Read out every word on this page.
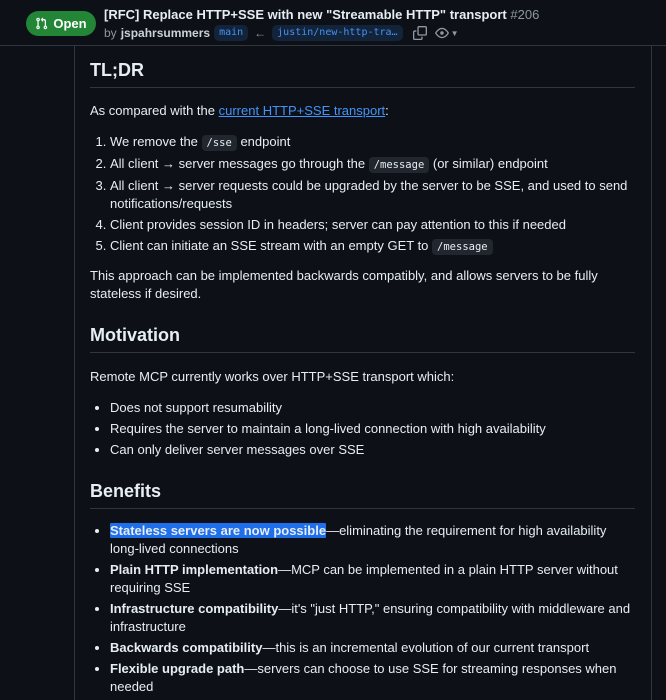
Open
[RFC] Replace HTTP+SSE with new "Streamable HTTP" transport #206
by jspahrsummers main ←	justin/new-http-tra…	▼
TL;DR

As compared with the current HTTP+SSE transport:

1. We remove the /sse endpoint
2. All client → server messages go through the /message (or similar) endpoint
3. All client → server requests could be upgraded by the server to be SSE, and used to send notifications/requests
4. Client provides session ID in headers; server can pay attention to this if needed
5. Client can initiate an SSE stream with an empty GET to /message

This approach can be implemented backwards compatibly, and allows servers to be fully stateless if desired.

Motivation

Remote MCP currently works over HTTP+SSE transport which:

• Does not support resumability
• Requires the server to maintain a long-lived connection with high availability
• Can only deliver server messages over SSE
Benefits
• Stateless servers are now possible—eliminating the requirement for high availability long-lived connections
• Plain HTTP implementation—MCP can be implemented in a plain HTTP server without requiring SSE
• Infrastructure compatibility—it's "just HTTP," ensuring compatibility with middleware and infrastructure
• Backwards compatibility—this is an incremental evolution of our current transport
• Flexible upgrade path—servers can choose to use SSE for streaming responses when needed
